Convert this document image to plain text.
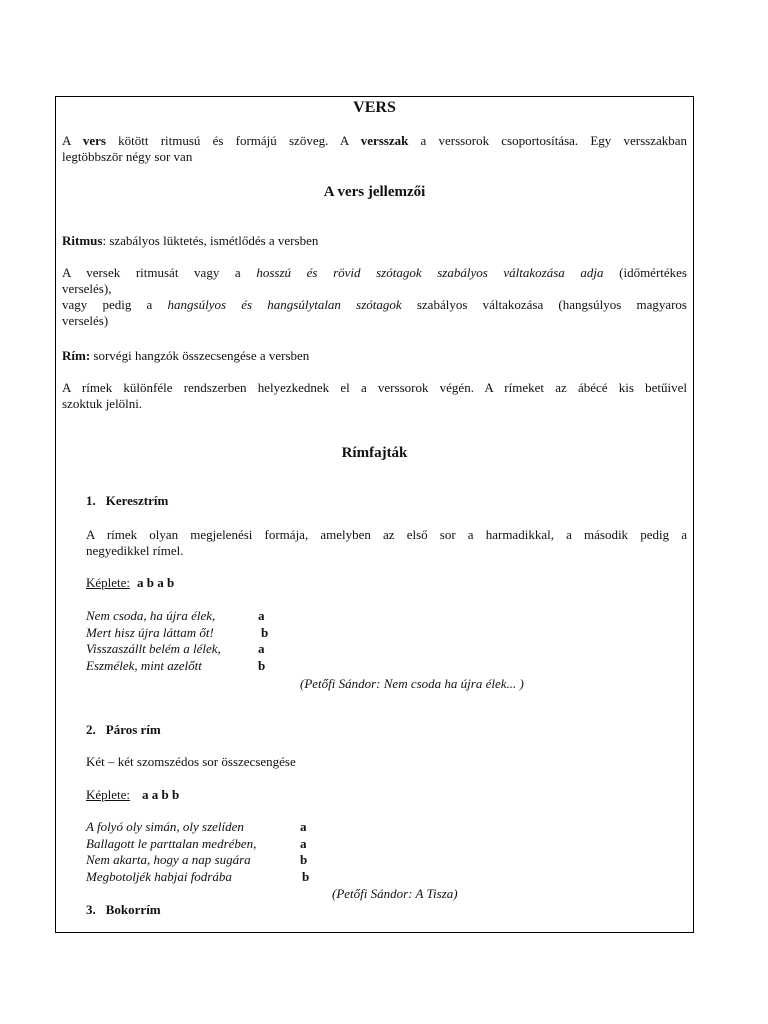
VERS
A vers kötött ritmusú és formájú szöveg. A versszak a verssorok csoportosítása. Egy versszakban
legtöbbször négy sor van
A vers jellemzői
Ritmus: szabályos lüktetés, ismétlődés a versben
A versek ritmusát vagy a hosszú és rövid szótagok szabályos váltakozása adja (időmértékes
verselés),
vagy pedig a hangsúlyos és hangsúlytalan szótagok szabályos váltakozása (hangsúlyos magyaros
verselés)
Rím: sorvégi hangzók összecsengése a versben
A rímek különféle rendszerben helyezkednek el a verssorok végén. A rímeket az ábécé kis betűivel
szoktuk jelölni.
Rímfajták
1. Keresztrím
A rímek olyan megjelenési formája, amelyben az első sor a harmadikkal, a második pedig a
negyedikkel rímel.
Képlete: a b a b
Nem csoda, ha újra élek,	a
Mert hisz újra láttam őt!	b
Visszaszállt belém a lélek,	a
Eszmélek, mint azelőtt	b
(Petőfi Sándor: Nem csoda ha újra élek... )
2. Páros rím
Két – két szomszédos sor összecsengése
Képlete: a a b b
A folyó oly simán, oly szelíden	a
Ballagott le parttalan medrében,	a
Nem akarta, hogy a nap sugára	b
Megbotoljék habjai fodrába	b
(Petőfi Sándor: A Tisza)
3. Bokorrím
